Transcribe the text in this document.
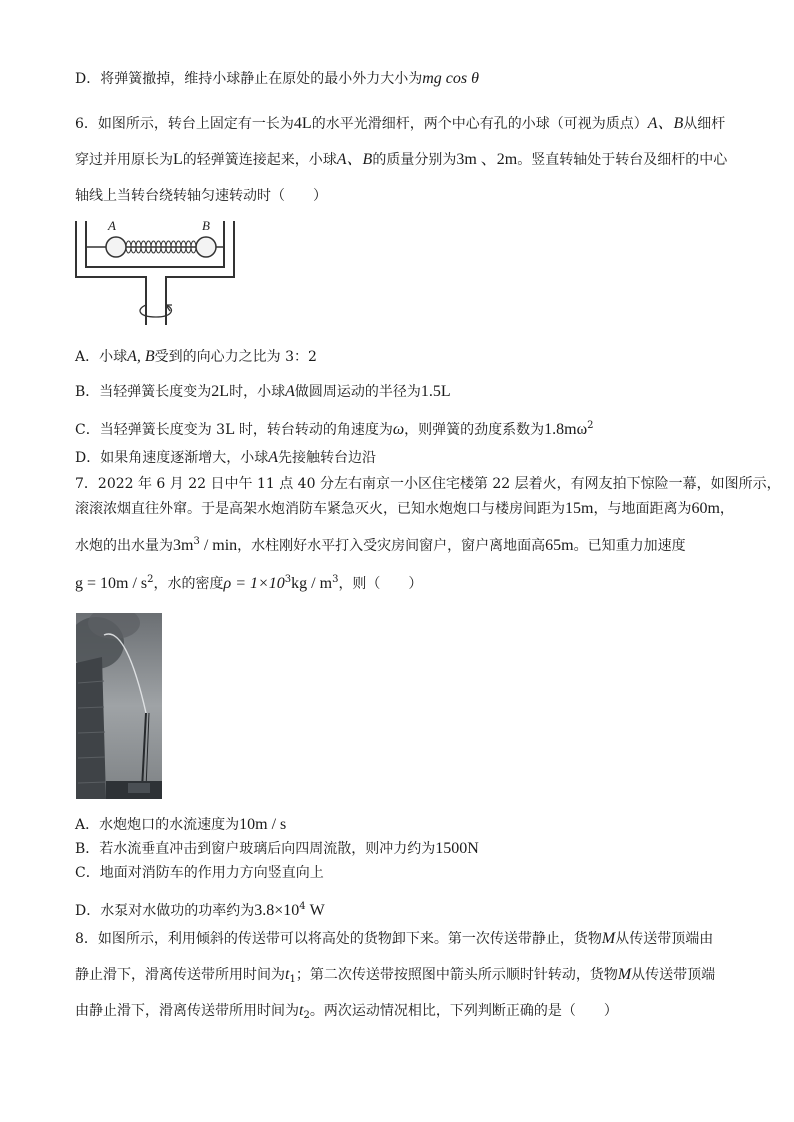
D．将弹簧撤掉，维持小球静止在原处的最小外力大小为mg cos θ
6．如图所示，转台上固定有一长为4L的水平光滑细杆，两个中心有孔的小球（可视为质点）A、B从细杆
穿过并用原长为L的轻弹簧连接起来，小球A、B的质量分别为3m 、2m。竖直转轴处于转台及细杆的中心
轴线上当转台绕转轴匀速转动时（　　）
A	B
A．小球A, B受到的向心力之比为 3：2
B．当轻弹簧长度变为2L时，小球A做圆周运动的半径为1.5L
C．当轻弹簧长度变为 3L 时，转台转动的角速度为ω，则弹簧的劲度系数为$1.8m\omega^2$
D．如果角速度逐渐增大，小球A先接触转台边沿
7．2022 年 6 月 22 日中午 11 点 40 分左右南京一小区住宅楼第 22 层着火，有网友拍下惊险一幕，如图所示，
滚滚浓烟直往外窜。于是高架水炮消防车紧急灭火，已知水炮炮口与楼房间距为15m，与地面距离为60m，
水炮的出水量为$3m^3$ / min，水柱刚好水平打入受灾房间窗户，窗户离地面高65m。已知重力加速度
$g = 10m / s^2$，水的密度$\rho = 1\times 10^3kg / m^3$，则（　　）
A．水炮炮口的水流速度为10m / s
B．若水流垂直冲击到窗户玻璃后向四周流散，则冲力约为1500N
C．地面对消防车的作用力方向竖直向上
D．水泵对水做功的功率约为$3.8\times 10^4$ W
8．如图所示，利用倾斜的传送带可以将高处的货物卸下来。第一次传送带静止，货物M从传送带顶端由
静止滑下，滑离传送带所用时间为$t_1$；第二次传送带按照图中箭头所示顺时针转动，货物M从传送带顶端
由静止滑下，滑离传送带所用时间为$t_2$。两次运动情况相比，下列判断正确的是（　　）
